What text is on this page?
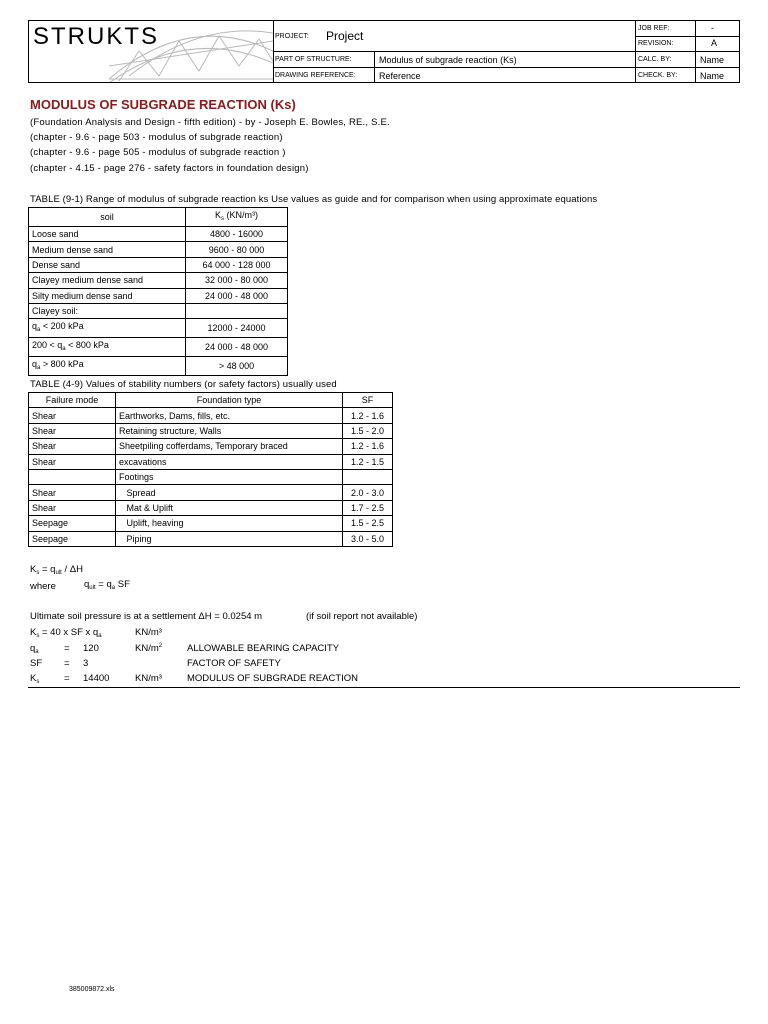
STRUKTS	PROJECT: Project
PART OF STRUCTURE:	Modulus of subgrade reaction (Ks)
DRAWING REFERENCE:	Reference
JOB REF:	-
REVISION:	A
CALC. BY:	Name
CHECK. BY:	Name
MODULUS OF SUBGRADE REACTION (Ks)
(Foundation Analysis and Design - fifth edition) - by - Joseph E. Bowles, RE., S.E.
(chapter - 9.6 - page 503 - modulus of subgrade reaction)
(chapter - 9.6 - page 505 - modulus of subgrade reaction )
(chapter - 4.15 - page 276 - safety factors in foundation design)
TABLE (9-1) Range of modulus of subgrade reaction ks Use values as guide and for comparison when using approximate equations
soil	$K_s$ (KN/m³)
Loose sand	4800 - 16000
Medium dense sand	9600 - 80 000
Dense sand	64 000 - 128 000
Clayey medium dense sand	32 000 - 80 000
Silty medium dense sand	24 000 - 48 000
Clayey soil:	
$q_a < 200$ kPa	12000 - 24000
$200 < q_a < 800$ kPa	24 000 - 48 000
$q_a > 800$ kPa	> 48 000
TABLE (4-9) Values of stability numbers (or safety factors) usually used
Failure mode	Foundation type	SF
Shear	Earthworks, Dams, fills, etc.	1.2 - 1.6
Shear	Retaining structure, Walls	1.5 - 2.0
Shear	Sheetpiling cofferdams, Temporary braced	1.2 - 1.6
Shear	excavations	1.2 - 1.5
	Footings	
Shear	Spread	2.0 - 3.0
Shear	Mat & Uplift	1.7 - 2.5
Seepage	Uplift, heaving	1.5 - 2.5
Seepage	Piping	3.0 - 5.0
$K_s = q_{ult} / \Delta H$
where	$q_{ult} = q_a$ SF
Ultimate soil pressure is at a settlement ΔH = 0.0254 m	(if soil report not available)
$K_s = 40$ x SF x $q_a$	KN/m³
$q_a$	= 120	$KN/m^2$	ALLOWABLE BEARING CAPACITY
SF = 3	FACTOR OF SAFETY
$K_s$	= 14400	KN/m³	MODULUS OF SUBGRADE REACTION
385009872.xls
